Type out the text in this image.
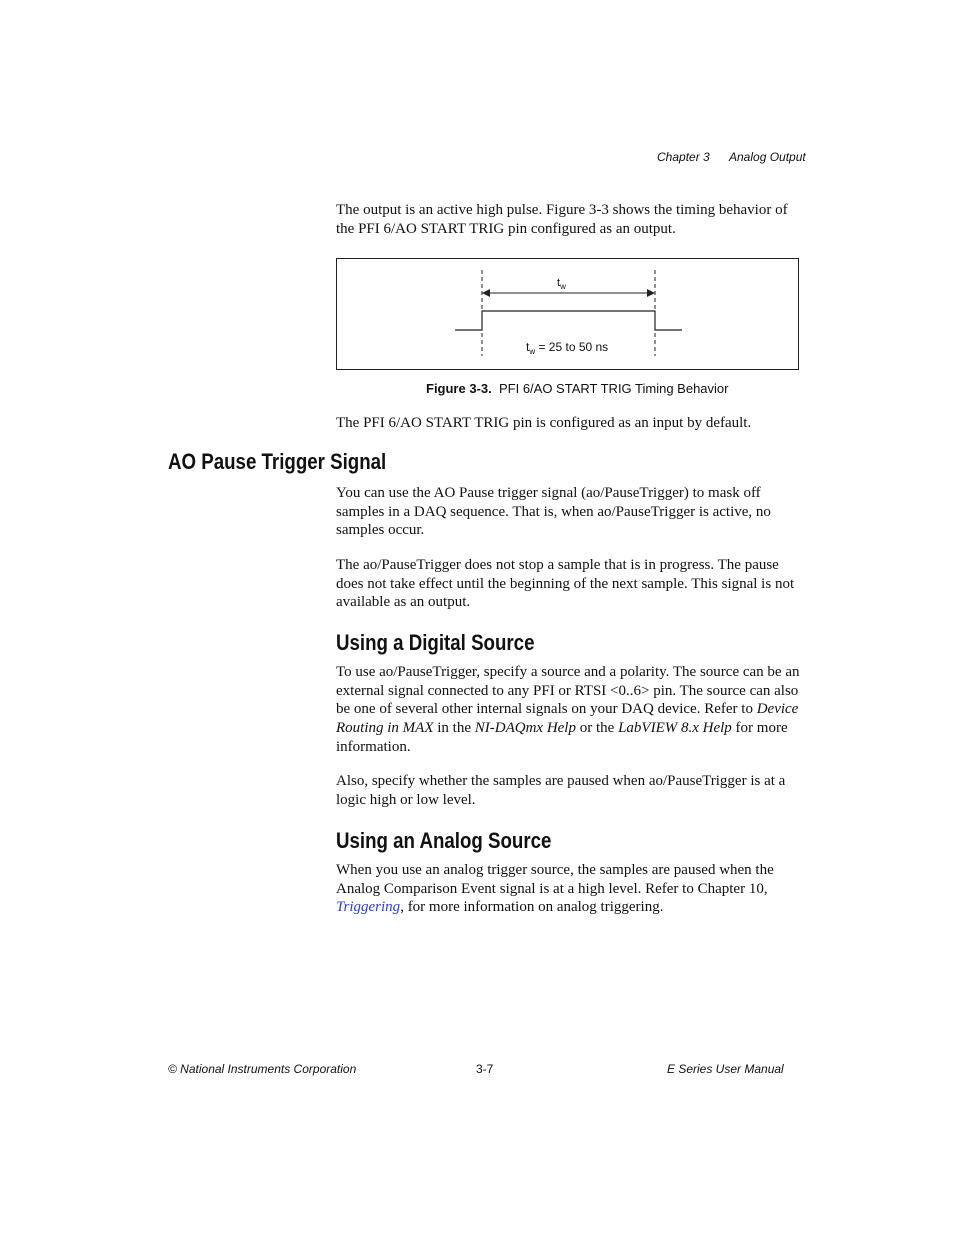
Chapter 3 Analog Output

The output is an active high pulse. Figure 3-3 shows the timing behavior of the PFI 6/AO START TRIG pin configured as an output.

$t_w$
$t_w = 25$ to 50 ns
Figure 3-3. PFI 6/AO START TRIG Timing Behavior

The PFI 6/AO START TRIG pin is configured as an input by default.

AO Pause Trigger Signal

You can use the AO Pause trigger signal (ao/PauseTrigger) to mask off samples in a DAQ sequence. That is, when ao/PauseTrigger is active, no samples occur.

The ao/PauseTrigger does not stop a sample that is in progress. The pause does not take effect until the beginning of the next sample. This signal is not available as an output.

Using a Digital Source

To use ao/PauseTrigger, specify a source and a polarity. The source can be an external signal connected to any PFI or RTSI <0..6> pin. The source can also be one of several other internal signals on your DAQ device. Refer to Device Routing in MAX in the NI-DAQmx Help or the LabVIEW 8.x Help for more information.

Also, specify whether the samples are paused when ao/PauseTrigger is at a logic high or low level.

Using an Analog Source

When you use an analog trigger source, the samples are paused when the Analog Comparison Event signal is at a high level. Refer to Chapter 10, Triggering, for more information on analog triggering.

© National Instruments Corporation	3-7	E Series User Manual
